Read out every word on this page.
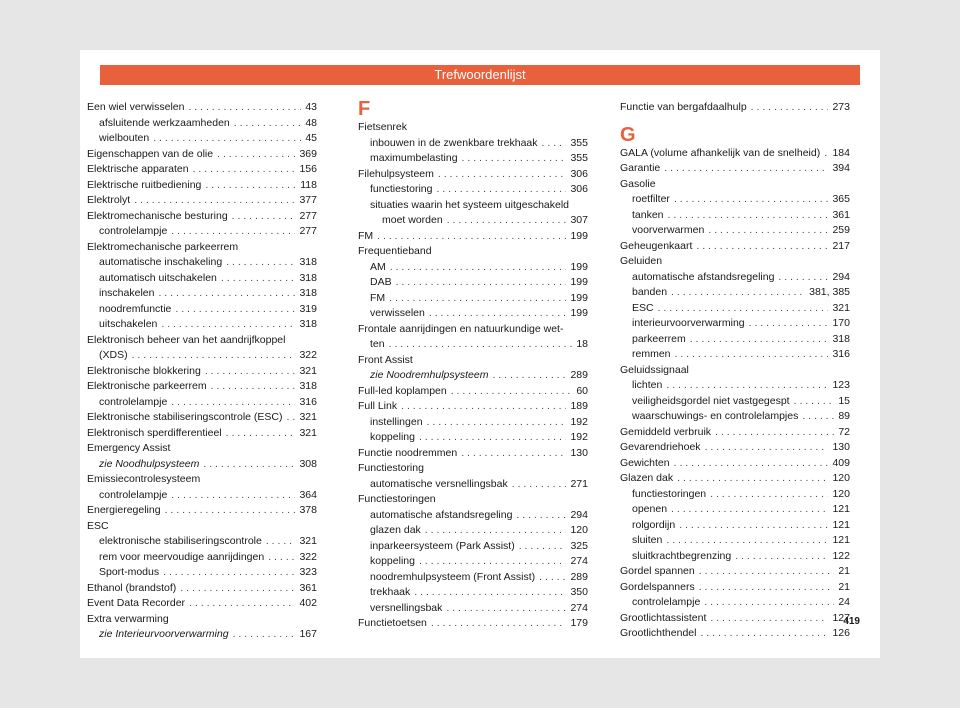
Trefwoordenlijst
Een wiel verwisselen . . .	43
afsluitende werkzaamheden . . .	48
wielbouten . . .	45
Eigenschappen van de olie . . .	369
Elektrische apparaten . . .	156
Elektrische ruitbediening . . .	118
Elektrolyt . . .	377
Elektromechanische besturing . . .	277
controlelampje . . .	277
Elektromechanische parkeerrem
automatische inschakeling . . .	318
automatisch uitschakelen . . .	318
inschakelen . . .	318
noodremfunctie . . .	319
uitschakelen . . .	318
Elektronisch beheer van het aandrijfkoppel
(XDS) . . .	322
Elektronische blokkering . . .	321
Elektronische parkeerrem . . .	318
controlelampje . . .	316
Elektronische stabiliseringscontrole (ESC) . . . 321
Elektronisch sperdifferentieel . . .	321
Emergency Assist
zie Noodhulpsysteem . . .	308
Emissiecontrolesysteem
controlelampje . . .	364
Energieregeling . . .	378
ESC
elektronische stabiliseringscontrole . . .	321
rem voor meervoudige aanrijdingen . . .	322
Sport-modus . . .	323
Ethanol (brandstof) . . .	361
Event Data Recorder . . .	402
Extra verwarming
zie Interieurvoorverwarming . . .	167
F
Fietsenrek
inbouwen in de zwenkbare trekhaak . . .	355
maximumbelasting . . .	355
Filehulpsysteem . . .	306
functiestoring . . .	306
situaties waarin het systeem uitgeschakeld
moet worden . . .	307
FM . . .	199
Frequentieband
AM . . .	199
DAB . . .	199
FM . . .	199
verwisselen . . .	199
Frontale aanrijdingen en natuurkundige wet-
ten . . .	18
Front Assist
zie Noodremhulpsysteem . . .	289
Full-led koplampen . . .	60
Full Link . . .	189
instellingen . . .	192
koppeling . . .	192
Functie noodremmen . . .	130
Functiestoring
automatische versnellingsbak . . .	271
Functiestoringen
automatische afstandsregeling . . .	294
glazen dak . . .	120
inparkeersysteem (Park Assist) . . .	325
koppeling . . .	274
noodremhulpsysteem (Front Assist) . . .	289
trekhaak . . .	350
versnellingsbak . . .	274
Functietoetsen . . .	179
Functie van bergafdaalhulp . . .	273
G
GALA (volume afhankelijk van de snelheid) . . . 184
Garantie . . .	394
Gasolie
roetfilter . . .	365
tanken . . .	361
voorverwarmen . . .	259
Geheugenkaart . . .	217
Geluiden
automatische afstandsregeling . . .	294
banden . . .	381, 385
ESC . . .	321
interieurvoorverwarming . . .	170
parkeerrem . . .	318
remmen . . .	316
Geluidssignaal
lichten . . .	123
veiligheidsgordel niet vastgegespt . . .	15
waarschuwings- en controlelampjes . . .	89
Gemiddeld verbruik . . .	72
Gevarendriehoek . . .	130
Gewichten . . .	409
Glazen dak . . .	120
functiestoringen . . .	120
openen . . .	121
rolgordijn . . .	121
sluiten . . .	121
sluitkrachtbegrenzing . . .	122
Gordel spannen . . .	21
Gordelspanners . . .	21
controlelampje . . .	24
Grootlichtassistent . . .	127
Grootlichthendel . . .	126
419
